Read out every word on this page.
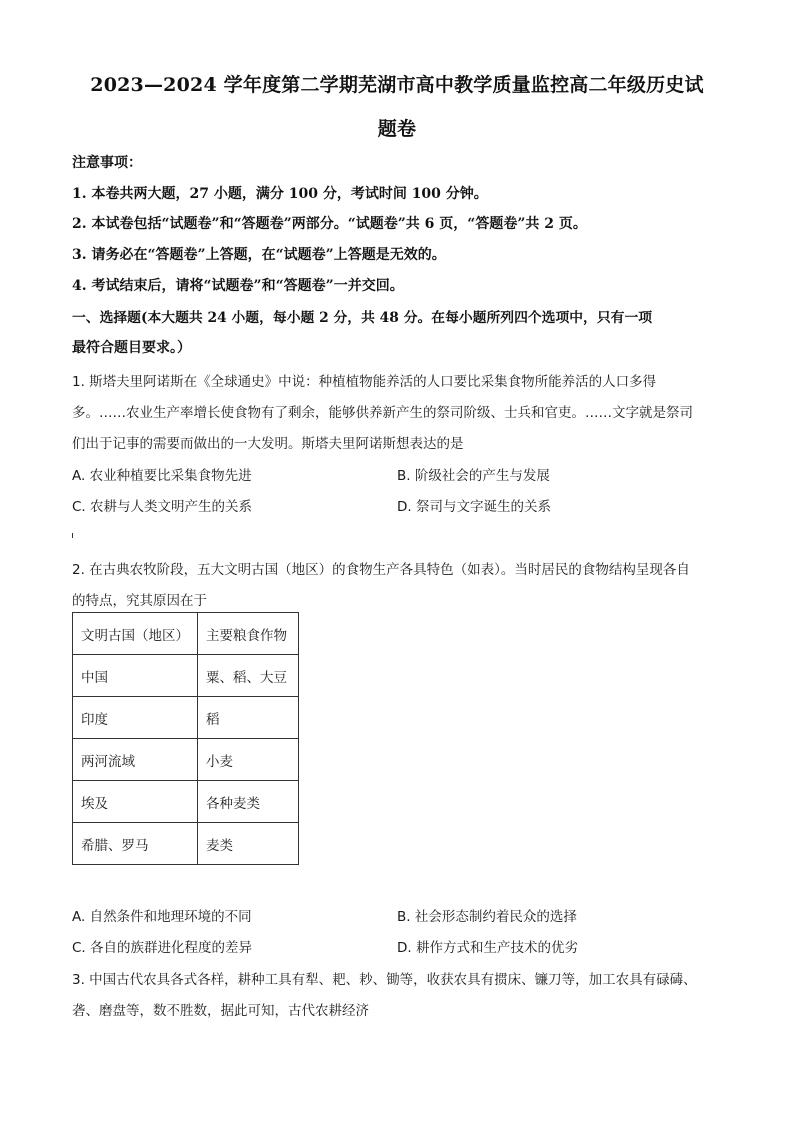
2023—2024 学年度第二学期芜湖市高中教学质量监控高二年级历史试
题卷
注意事项：
1. 本卷共两大题，27 小题，满分 100 分，考试时间 100 分钟。
2. 本试卷包括“试题卷”和“答题卷”两部分。“试题卷”共 6 页，“答题卷”共 2 页。
3. 请务必在“答题卷”上答题，在“试题卷”上答题是无效的。
4. 考试结束后，请将“试题卷”和“答题卷”一并交回。
一、选择题(本大题共 24 小题，每小题 2 分，共 48 分。在每小题所列四个选项中，只有一项
最符合题目要求。）
1. 斯塔夫里阿诺斯在《全球通史》中说：种植植物能养活的人口要比采集食物所能养活的人口多得
多。……农业生产率增长使食物有了剩余，能够供养新产生的祭司阶级、士兵和官吏。……文字就是祭司
们出于记事的需要而做出的一大发明。斯塔夫里阿诺斯想表达的是
A. 农业种植要比采集食物先进	B. 阶级社会的产生与发展
C. 农耕与人类文明产生的关系	D. 祭司与文字诞生的关系
2. 在古典农牧阶段，五大文明古国（地区）的食物生产各具特色（如表）。当时居民的食物结构呈现各自
的特点，究其原因在于
文明古国（地区）	主要粮食作物
中国	粟、稻、大豆
印度	稻
两河流域	小麦
埃及	各种麦类
希腊、罗马	麦类
A. 自然条件和地理环境的不同	B. 社会形态制约着民众的选择
C. 各自的族群进化程度的差异	D. 耕作方式和生产技术的优劣
3. 中国古代农具各式各样，耕种工具有犁、耙、耖、锄等，收获农具有掼床、镰刀等，加工农具有碌碡、
砻、磨盘等，数不胜数，据此可知，古代农耕经济
